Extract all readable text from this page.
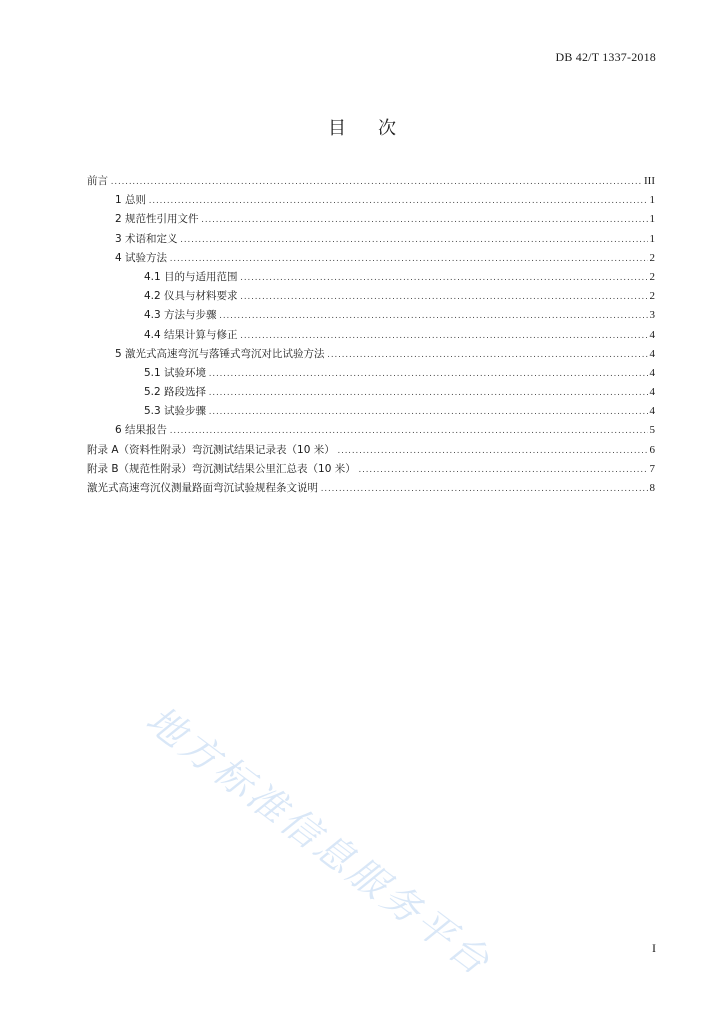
DB 42/T 1337-2018
目 次
前言 .....	III
1 总则 .....	1
2 规范性引用文件 .....	1
3 术语和定义 .....	1
4 试验方法 .....	2
4.1 目的与适用范围 .....	2
4.2 仪具与材料要求 .....	2
4.3 方法与步骤 .....	3
4.4 结果计算与修正 .....	4
5 激光式高速弯沉与落锤式弯沉对比试验方法 .....	4
5.1 试验环境 .....	4
5.2 路段选择 .....	4
5.3 试验步骤 .....	4
6 结果报告 .....	5
附录 A（资料性附录）弯沉测试结果记录表（10 米） .....	6
附录 B（规范性附录）弯沉测试结果公里汇总表（10 米） .....	7
激光式高速弯沉仪测量路面弯沉试验规程条文说明 .....	8
地方标准信息服务平台	I
